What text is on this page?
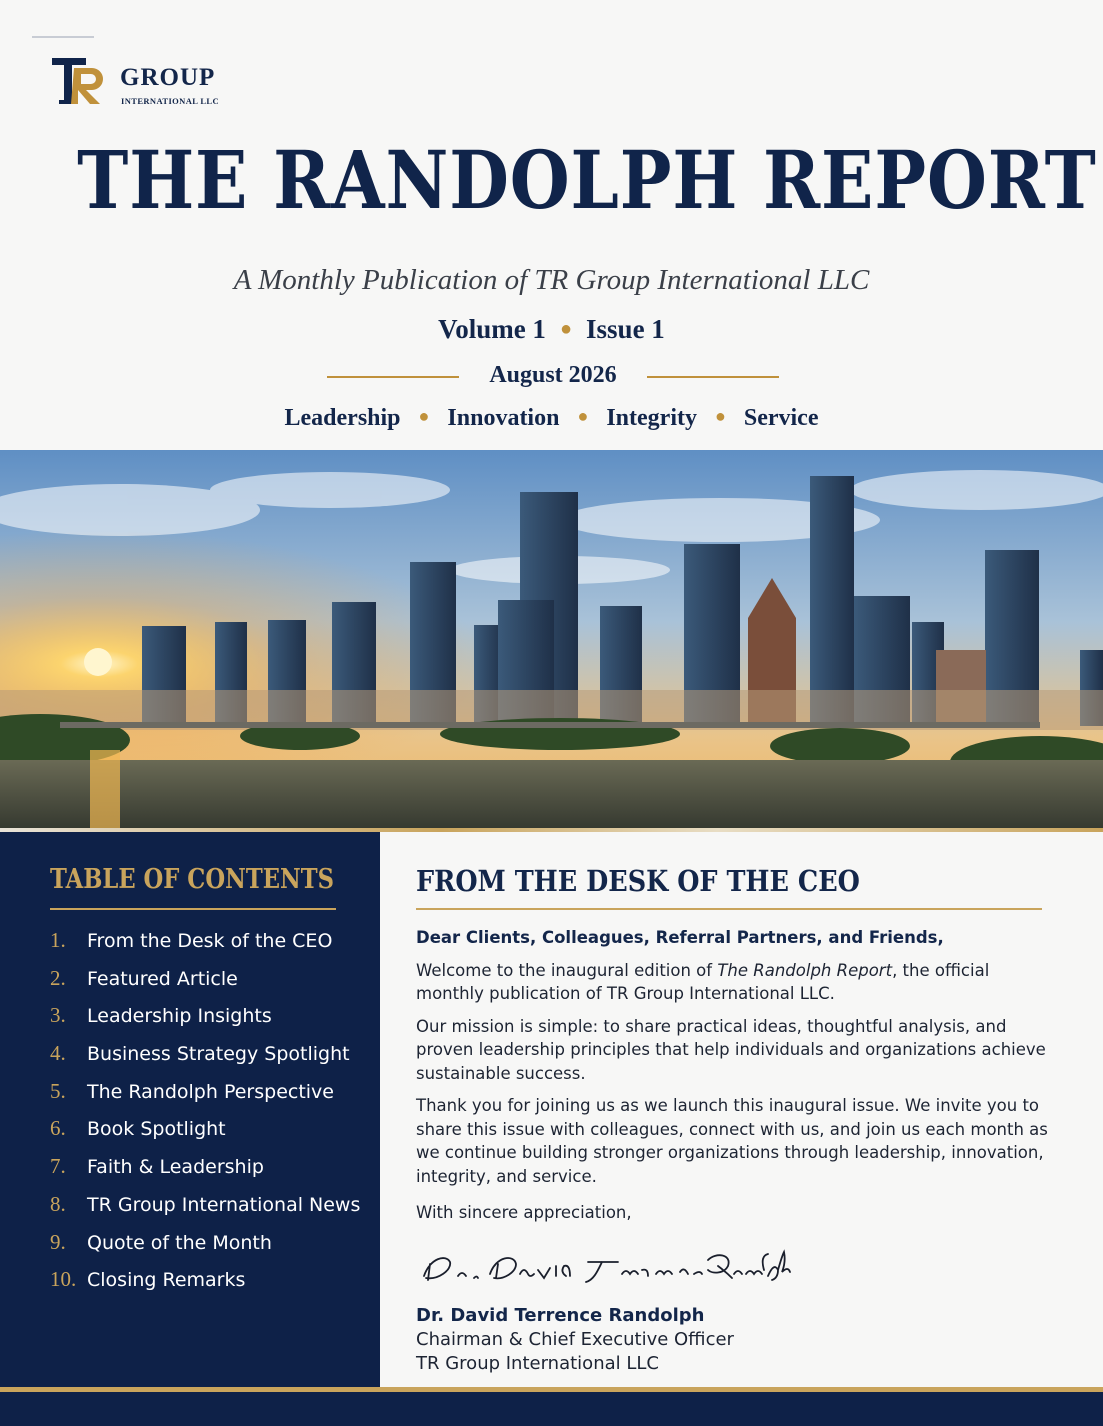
GROUP
INTERNATIONAL LLC
THE RANDOLPH REPORT
A Monthly Publication of TR Group International LLC
Volume 1 ● Issue 1
August 2026
Leadership ● Innovation ● Integrity ● Service
TABLE OF CONTENTS
1.	From the Desk of the CEO
2.	Featured Article
3.	Leadership Insights
4.	Business Strategy Spotlight
5.	The Randolph Perspective
6.	Book Spotlight
7.	Faith & Leadership
8.	TR Group International News
9.	Quote of the Month
10. Closing Remarks
FROM THE DESK OF THE CEO

Dear Clients, Colleagues, Referral Partners, and Friends,

Welcome to the inaugural edition of The Randolph Report, the official monthly publication of TR Group International LLC.

Our mission is simple: to share practical ideas, thoughtful analysis, and proven leadership principles that help individuals and organizations achieve sustainable success.

Thank you for joining us as we launch this inaugural issue. We invite you to share this issue with colleagues, connect with us, and join us each month as we continue building stronger organizations through leadership, innovation, integrity, and service.

With sincere appreciation,

Dr. David Terrence Randolph
Chairman & Chief Executive Officer
TR Group International LLC
